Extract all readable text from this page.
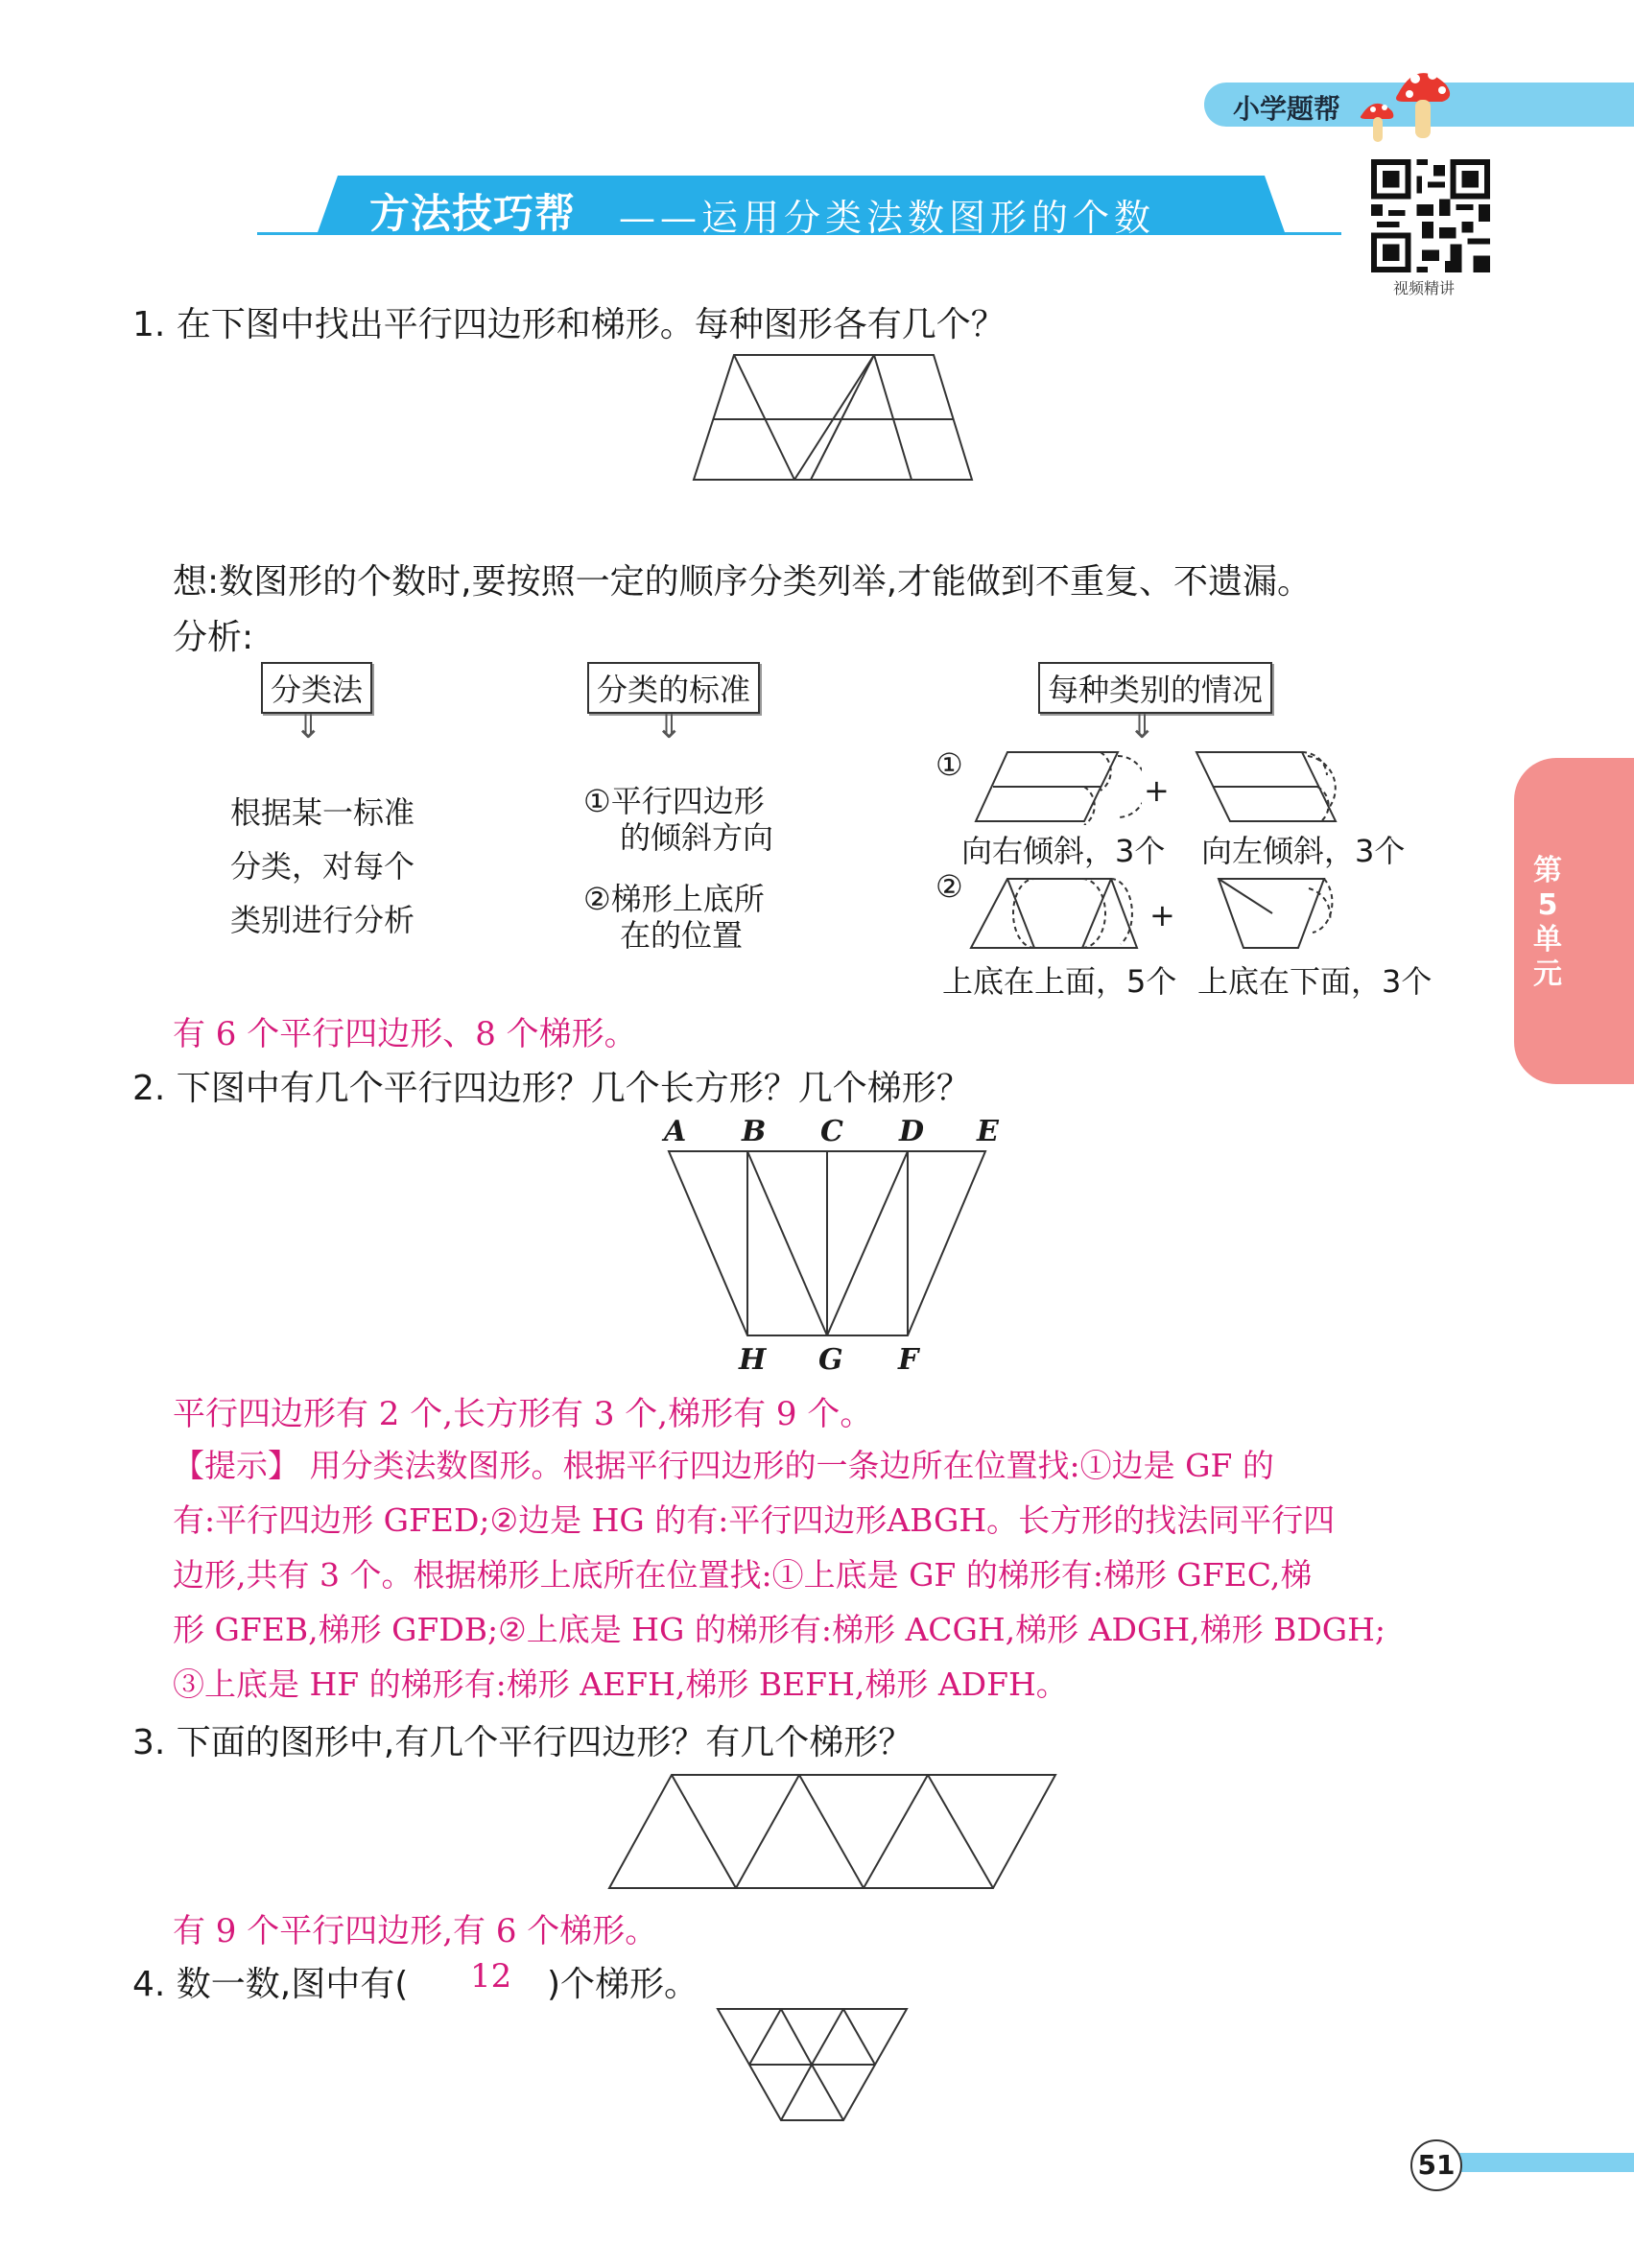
小学题帮
方法技巧帮 ——运用分类法数图形的个数
视频精讲
第5单元
1. 在下图中找出平行四边形和梯形。每种图形各有几个？
想:数图形的个数时,要按照一定的顺序分类列举,才能做到不重复、不遗漏。
分析:
分类法
⇓
根据某一标准
分类，对每个
类别进行分析
分类的标准
⇓
①平行四边形
的倾斜方向
②梯形上底所
在的位置
每种类别的情况
⇓
①
+
向右倾斜，3个 向左倾斜，3个
②
+
上底在上面，5个 上底在下面，3个
有 6 个平行四边形、8 个梯形。
2. 下图中有几个平行四边形？几个长方形？几个梯形？
A B C D E
H G F
平行四边形有 2 个,长方形有 3 个,梯形有 9 个。
【提示】 用分类法数图形。根据平行四边形的一条边所在位置找:①边是 GF 的
有:平行四边形 GFED;②边是 HG 的有:平行四边形ABGH。长方形的找法同平行四
边形,共有 3 个。根据梯形上底所在位置找:①上底是 GF 的梯形有:梯形 GFEC,梯
形 GFEB,梯形 GFDB;②上底是 HG 的梯形有:梯形 ACGH,梯形 ADGH,梯形 BDGH;
③上底是 HF 的梯形有:梯形 AEFH,梯形 BEFH,梯形 ADFH。
3. 下面的图形中,有几个平行四边形？有几个梯形？
有 9 个平行四边形,有 6 个梯形。
4. 数一数,图中有( 12 )个梯形。
51
